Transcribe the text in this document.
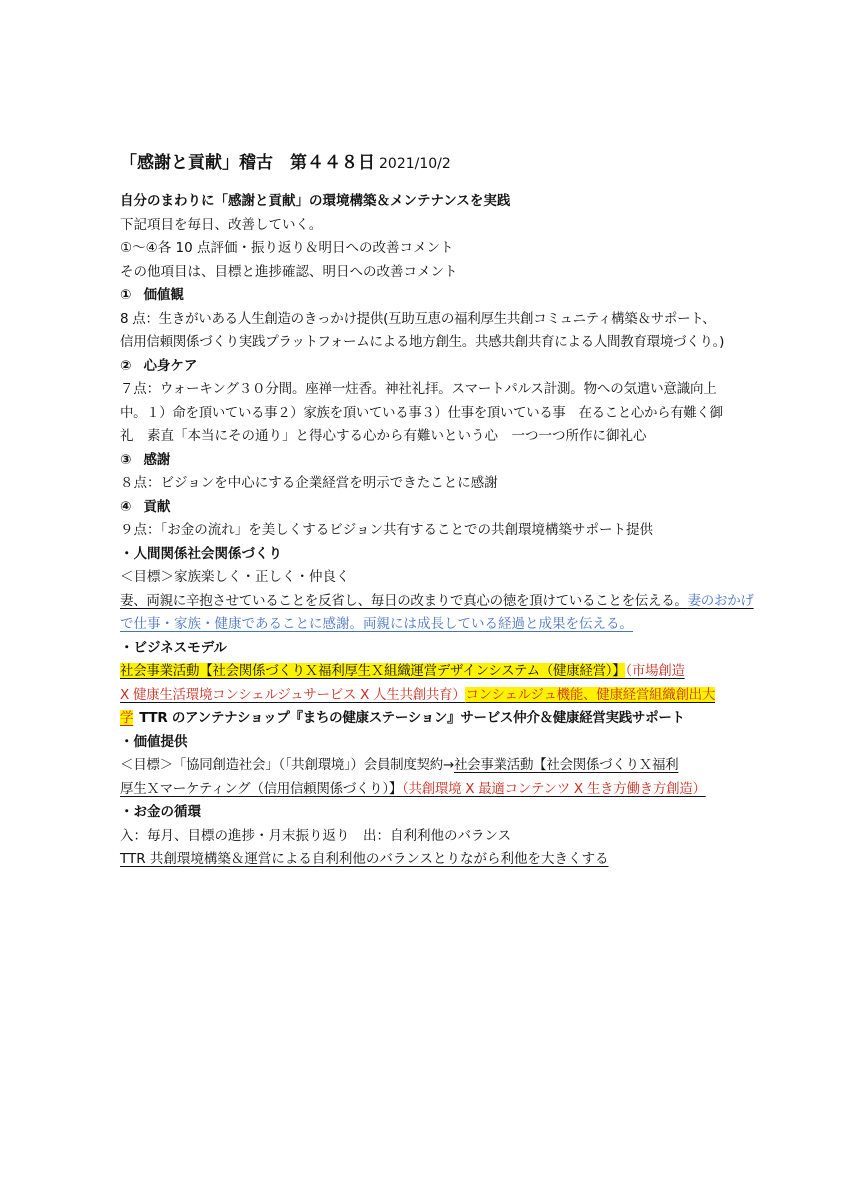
「感謝と貢献」稽古　第４４８日 2021/10/2
自分のまわりに「感謝と貢献」の環境構築＆メンテナンスを実践
下記項目を毎日、改善していく。
①～④各 10 点評価・振り返り＆明日への改善コメント
その他項目は、目標と進捗確認、明日への改善コメント
① 価値観
8 点：生きがいある人生創造のきっかけ提供(互助互恵の福利厚生共創コミュニティ構築＆サポート、
信用信頼関係づくり実践プラットフォームによる地方創生。共感共創共育による人間教育環境づくり。)
② 心身ケア
７点：ウォーキング３０分間。座禅一炷香。神社礼拝。スマートパルス計測。物への気遣い意識向上
中。１）命を頂いている事２）家族を頂いている事３）仕事を頂いている事　在ること心から有難く御
礼　素直「本当にその通り」と得心する心から有難いという心　一つ一つ所作に御礼心
③ 感謝
８点：ビジョンを中心にする企業経営を明示できたことに感謝
④ 貢献
９点：「お金の流れ」を美しくするビジョン共有することでの共創環境構築サポート提供
・人間関係社会関係づくり
＜目標＞家族楽しく・正しく・仲良く
妻、両親に辛抱させていることを反省し、毎日の改まりで真心の徳を頂けていることを伝える。妻のおかげ
で仕事・家族・健康であることに感謝。両親には成長している経過と成果を伝える。
・ビジネスモデル
社会事業活動【社会関係づくりＸ福利厚生Ｘ組織運営デザインシステム（健康経営）】（市場創造
X 健康生活環境コンシェルジュサービス X 人生共創共育）コンシェルジュ機能、健康経営組織創出大
学 TTR のアンテナショップ『まちの健康ステーション』サービス仲介＆健康経営実践サポート
・価値提供
＜目標＞「協同創造社会」（「共創環境」）会員制度契約→社会事業活動【社会関係づくりＸ福利
厚生Ｘマーケティング（信用信頼関係づくり）】（共創環境 X 最適コンテンツ X 生き方働き方創造）
・お金の循環
入：毎月、目標の進捗・月末振り返り　出：自利利他のバランス
TTR 共創環境構築＆運営による自利利他のバランスとりながら利他を大きくする
